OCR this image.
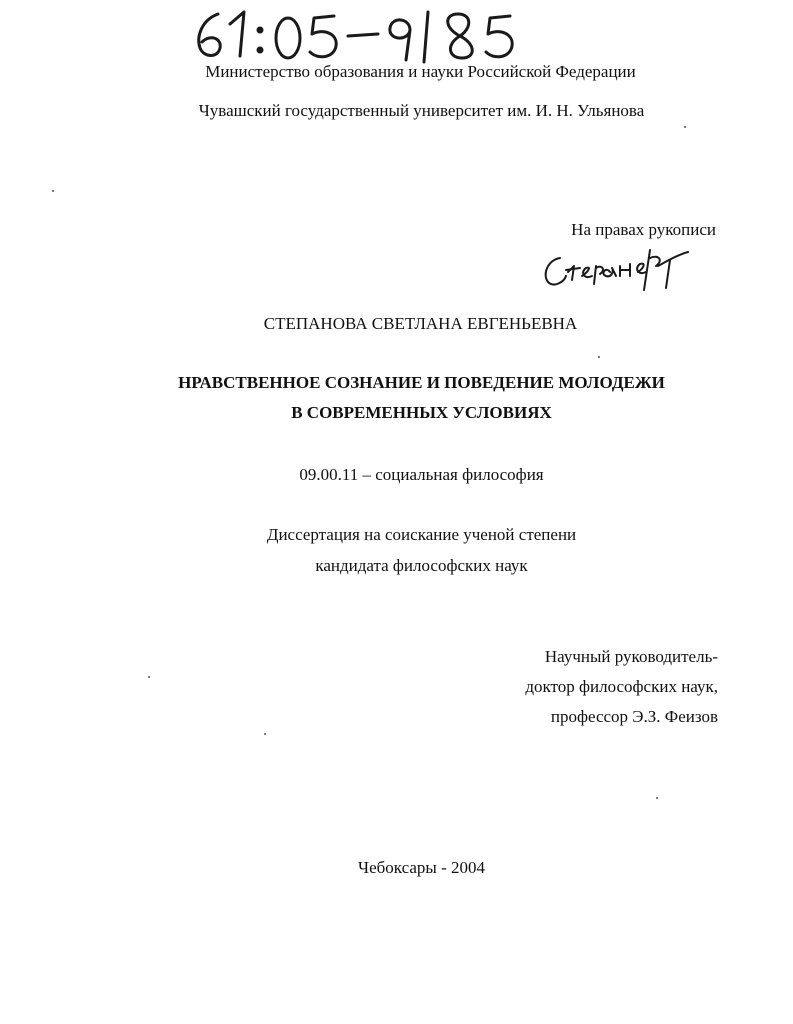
Министерство образования и науки Российской Федерации
Чувашский государственный университет им. И. Н. Ульянова
На правах рукописи
СТЕПАНОВА СВЕТЛАНА ЕВГЕНЬЕВНА
НРАВСТВЕННОЕ СОЗНАНИЕ И ПОВЕДЕНИЕ МОЛОДЕЖИ
В СОВРЕМЕННЫХ УСЛОВИЯХ
09.00.11 – социальная философия
Диссертация на соискание ученой степени
кандидата философских наук
Научный руководитель-
доктор философских наук,
профессор Э.З. Феизов
Чебоксары - 2004
